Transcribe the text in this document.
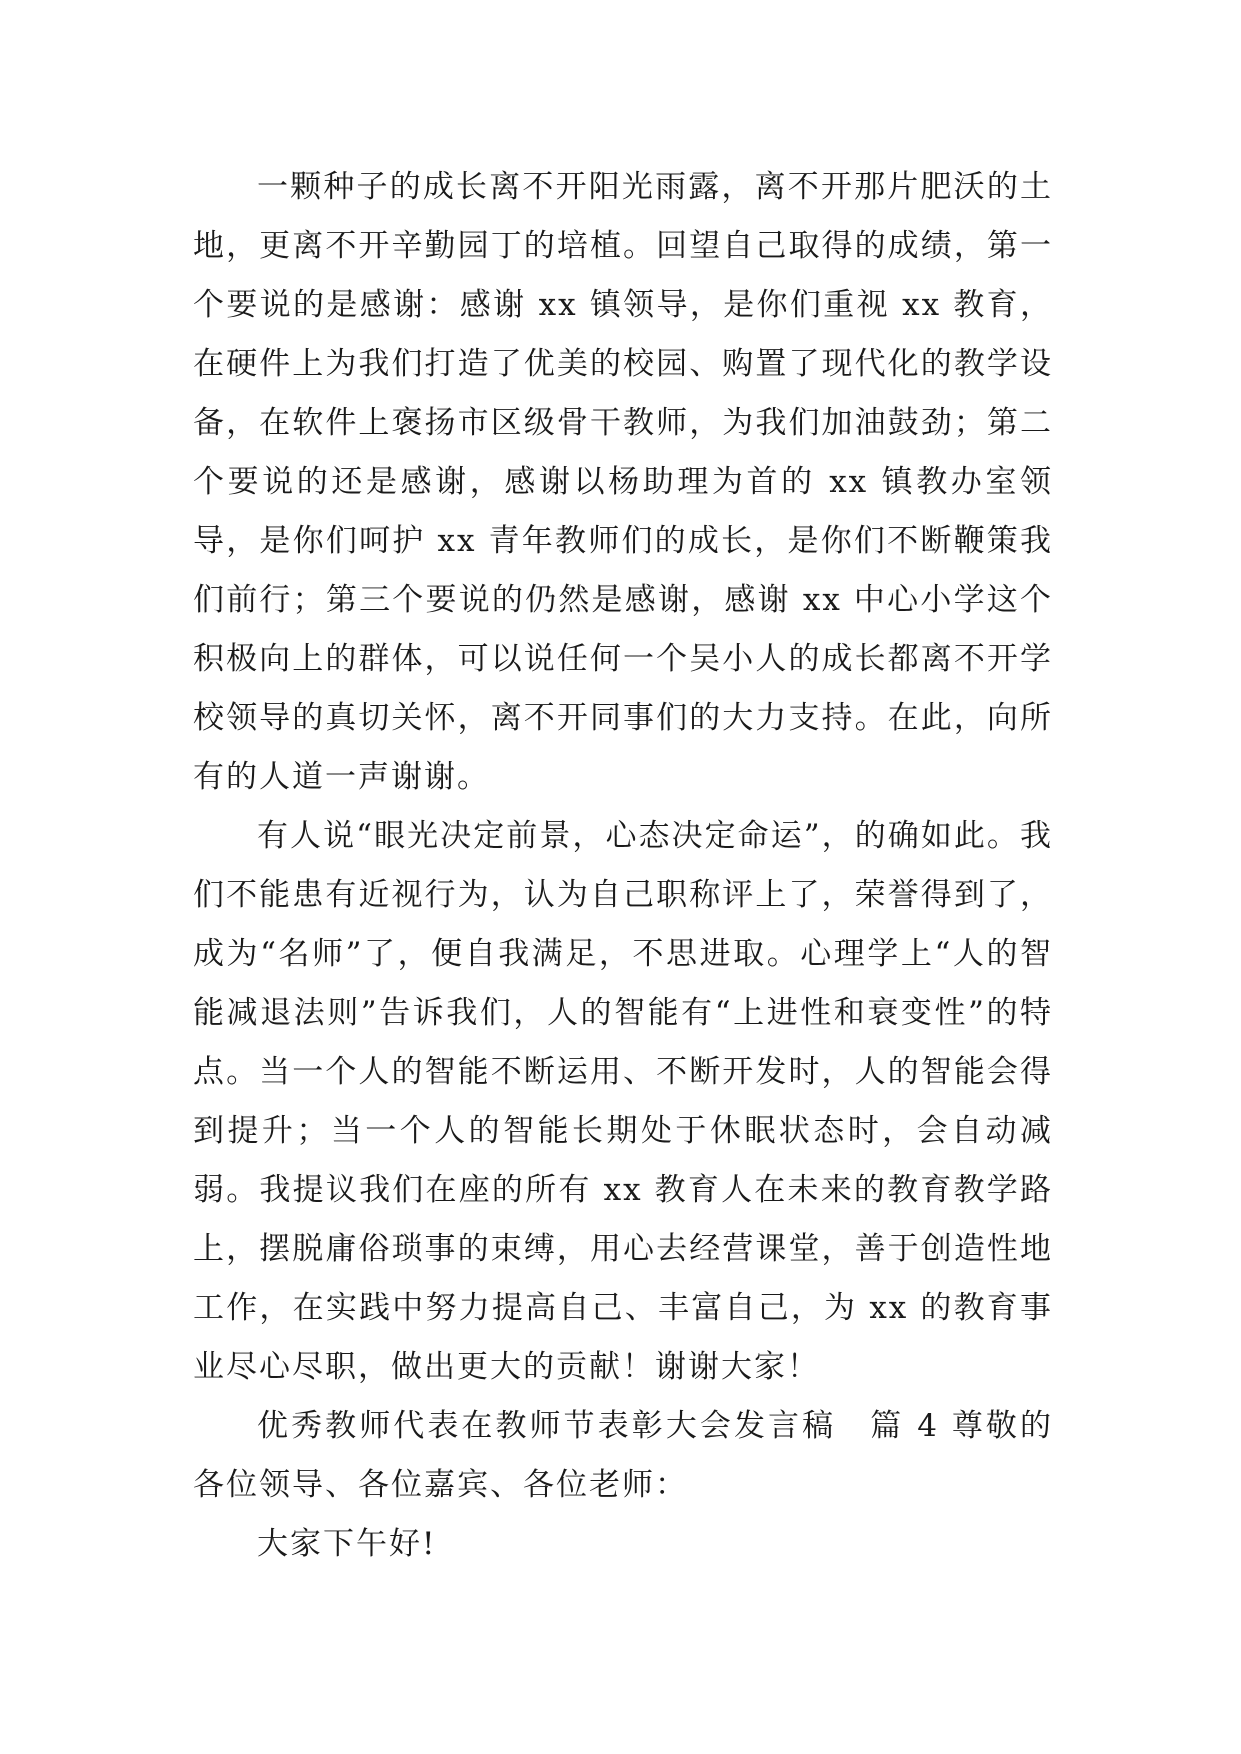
一颗种子的成长离不开阳光雨露，离不开那片肥沃的土地，更离不开辛勤园丁的培植。回望自己取得的成绩，第一个要说的是感谢：感谢 xx 镇领导，是你们重视 xx 教育，在硬件上为我们打造了优美的校园、购置了现代化的教学设备，在软件上褒扬市区级骨干教师，为我们加油鼓劲；第二个要说的还是感谢，感谢以杨助理为首的 xx 镇教办室领导，是你们呵护 xx 青年教师们的成长，是你们不断鞭策我们前行；第三个要说的仍然是感谢，感谢 xx 中心小学这个积极向上的群体，可以说任何一个吴小人的成长都离不开学校领导的真切关怀，离不开同事们的大力支持。在此，向所有的人道一声谢谢。

有人说“眼光决定前景，心态决定命运”，的确如此。我们不能患有近视行为，认为自己职称评上了，荣誉得到了，成为“名师”了，便自我满足，不思进取。心理学上“人的智能减退法则”告诉我们，人的智能有“上进性和衰变性”的特点。当一个人的智能不断运用、不断开发时，人的智能会得到提升；当一个人的智能长期处于休眠状态时，会自动减弱。我提议我们在座的所有 xx 教育人在未来的教育教学路上，摆脱庸俗琐事的束缚，用心去经营课堂，善于创造性地工作，在实践中努力提高自己、丰富自己，为 xx 的教育事业尽心尽职，做出更大的贡献！谢谢大家！

优秀教师代表在教师节表彰大会发言稿　篇 4 尊敬的各位领导、各位嘉宾、各位老师：

大家下午好!
